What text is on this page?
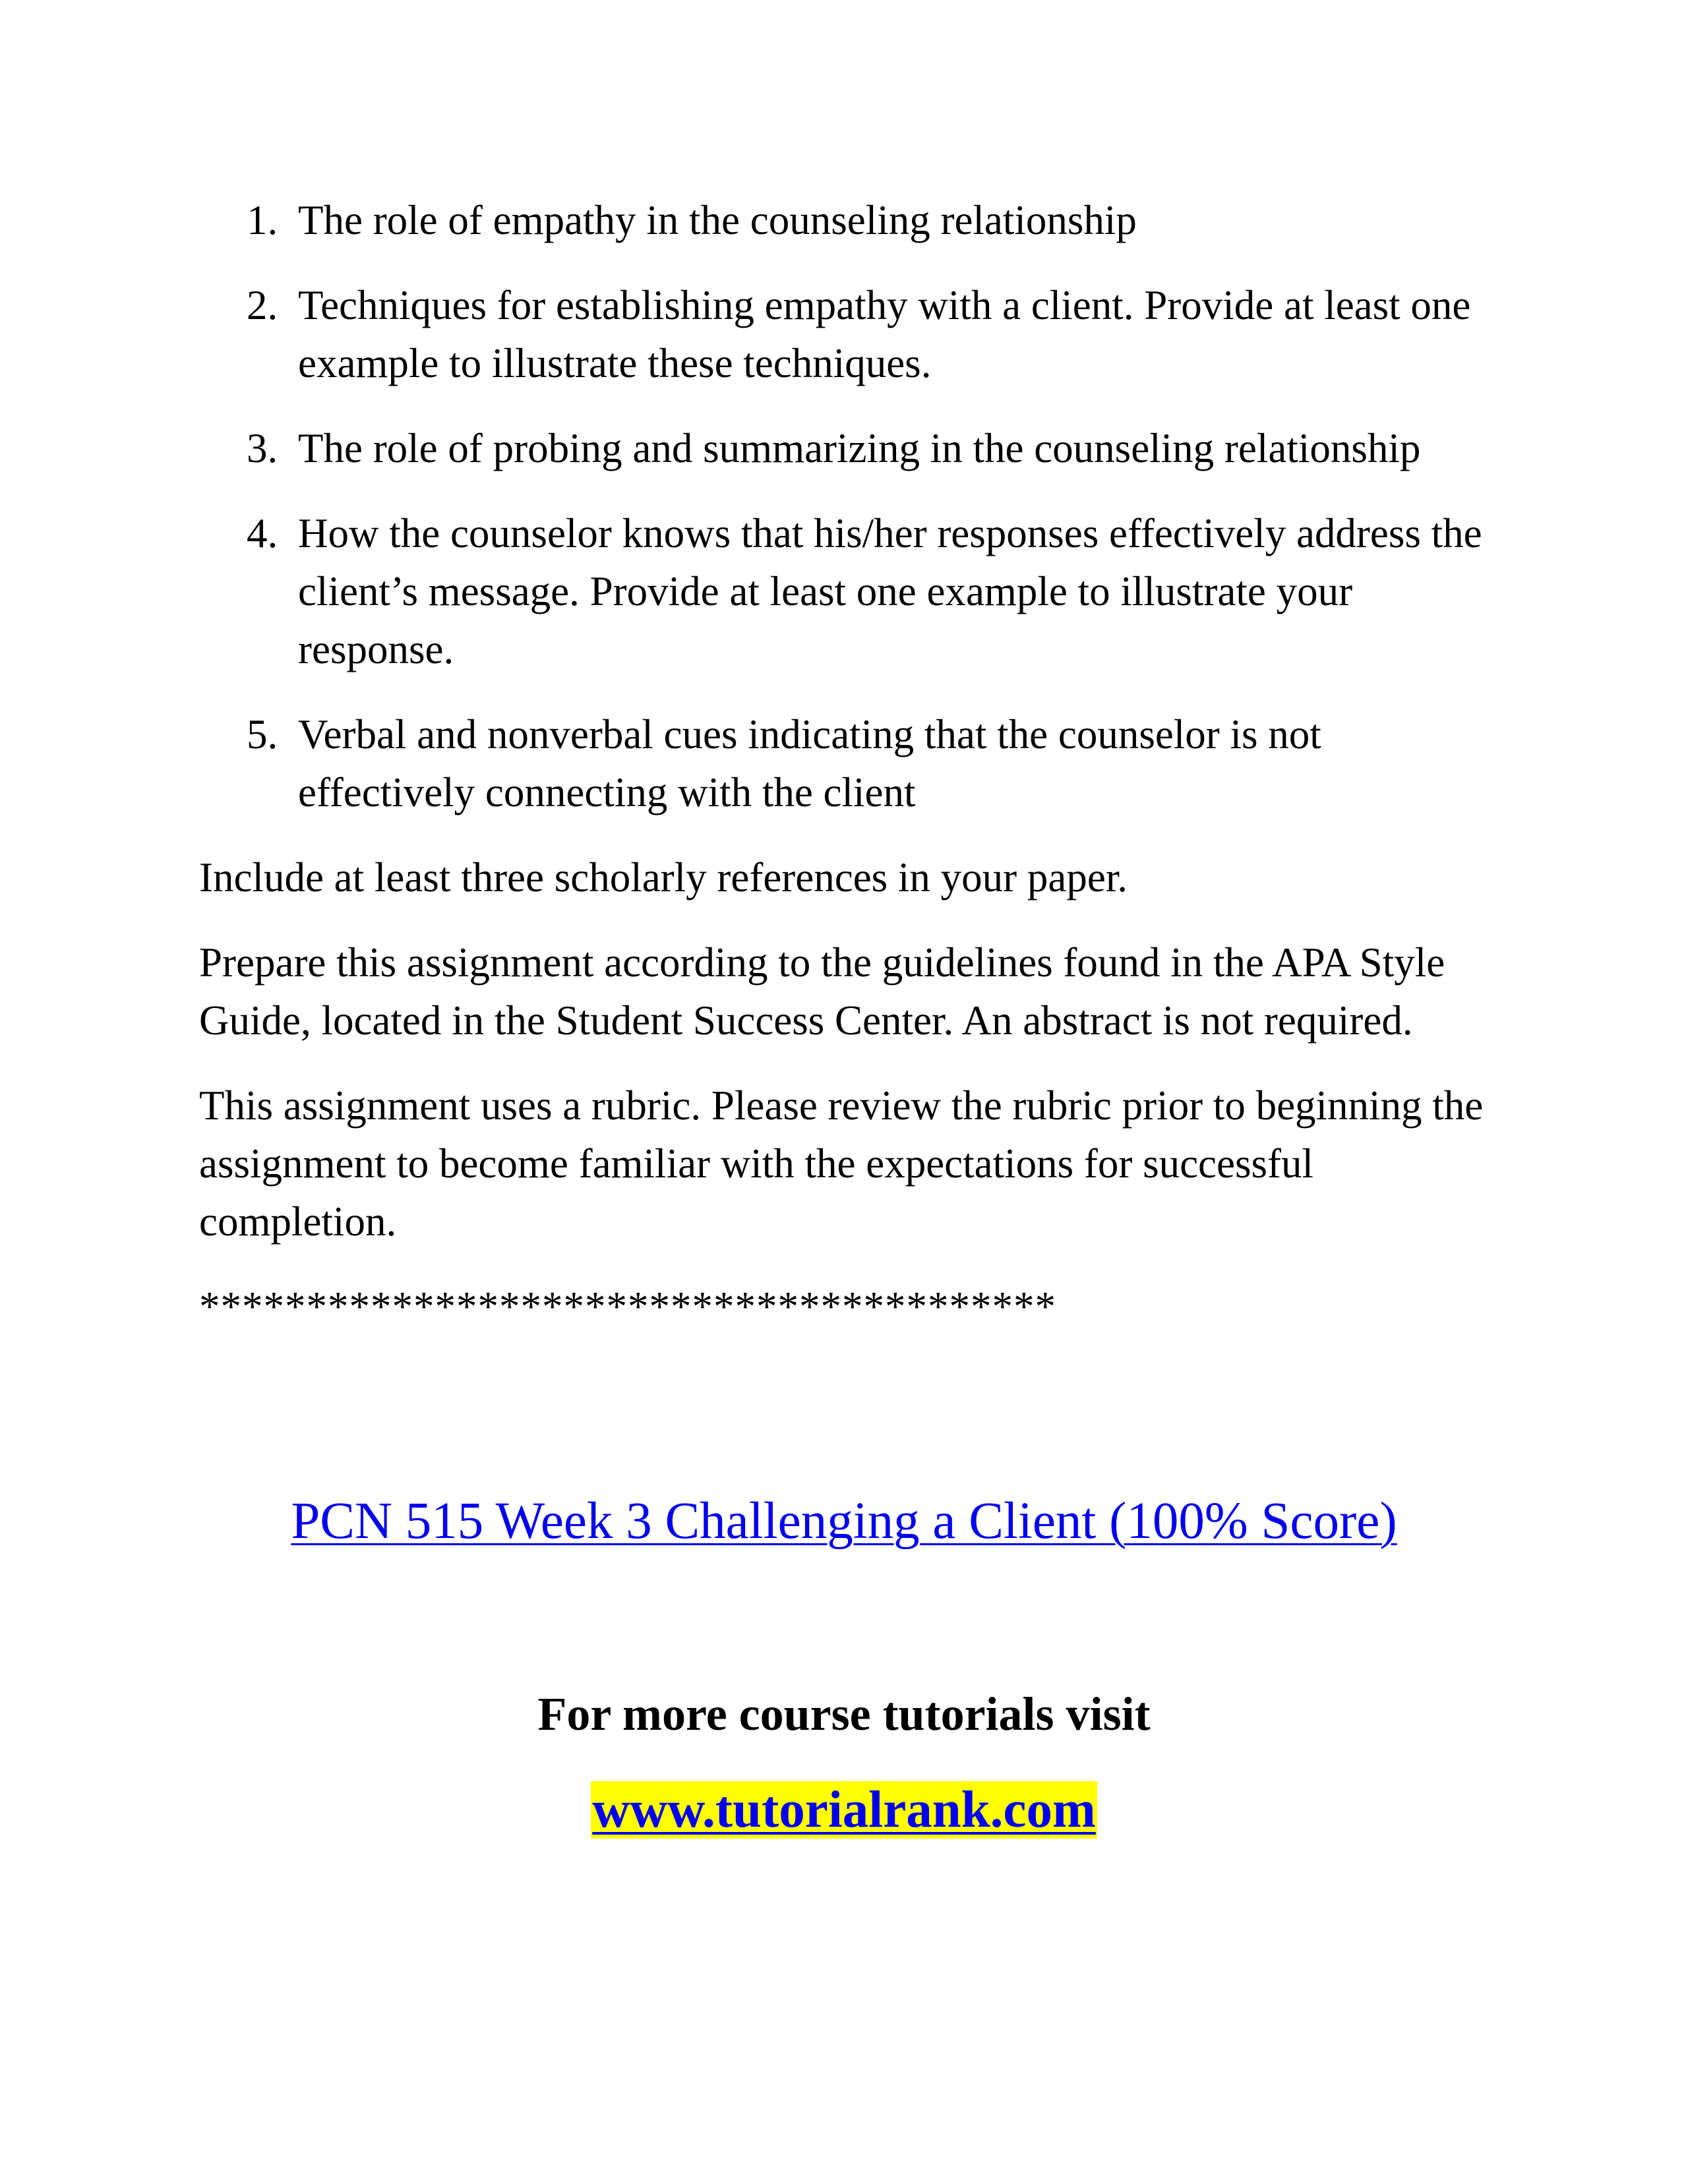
1. The role of empathy in the counseling relationship
2. Techniques for establishing empathy with a client. Provide at least one example to illustrate these techniques.
3. The role of probing and summarizing in the counseling relationship
4. How the counselor knows that his/her responses effectively address the client’s message. Provide at least one example to illustrate your response.
5. Verbal and nonverbal cues indicating that the counselor is not effectively connecting with the client

Include at least three scholarly references in your paper.

Prepare this assignment according to the guidelines found in the APA Style Guide, located in the Student Success Center. An abstract is not required.

This assignment uses a rubric. Please review the rubric prior to beginning the assignment to become familiar with the expectations for successful completion.

****************************************
PCN 515 Week 3 Challenging a Client (100% Score)
For more course tutorials visit
www.tutorialrank.com
